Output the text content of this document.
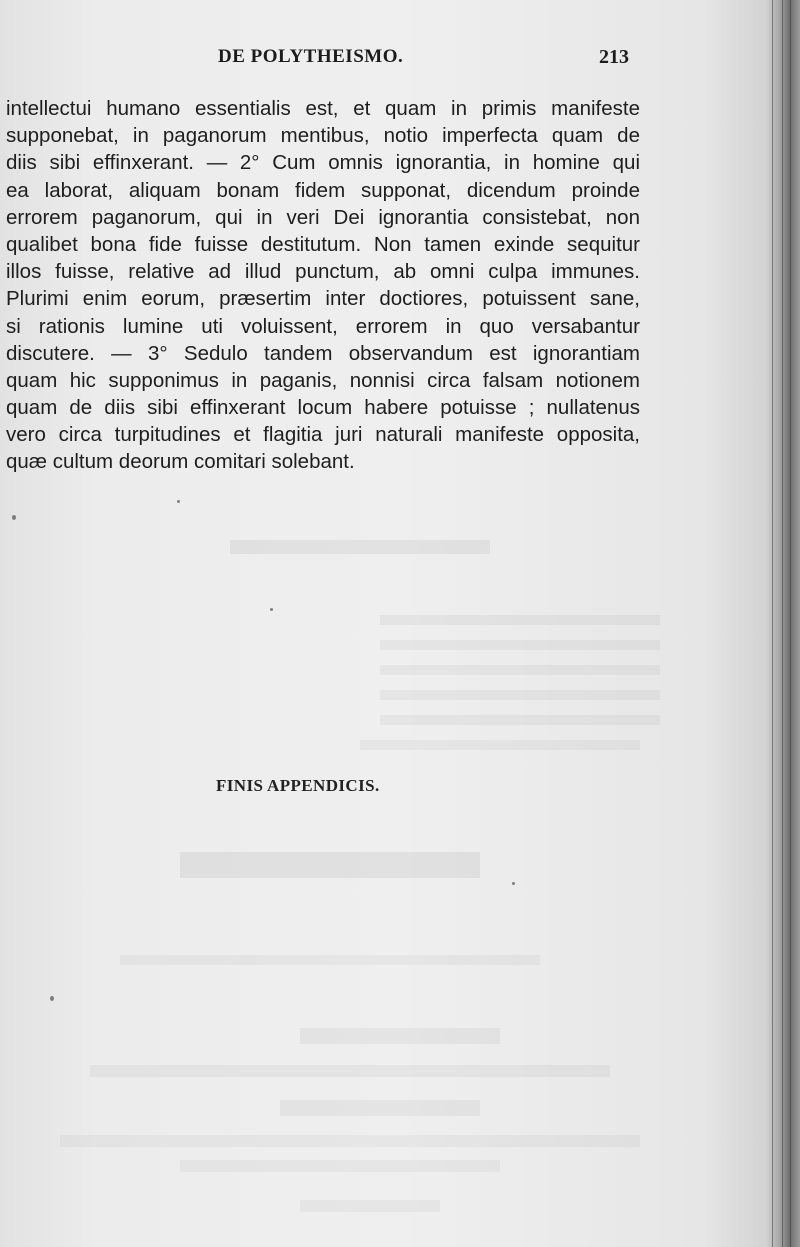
DE POLYTHEISMO.	213
intellectui humano essentialis est, et quam in primis manifeste
supponebat, in paganorum mentibus, notio imperfecta quam de
diis sibi effinxerant. — 2° Cum omnis ignorantia, in homine qui
ea laborat, aliquam bonam fidem supponat, dicendum proinde
errorem paganorum, qui in veri Dei ignorantia consistebat, non
qualibet bona fide fuisse destitutum. Non tamen exinde sequitur
illos fuisse, relative ad illud punctum, ab omni culpa immunes.
Plurimi enim eorum, præsertim inter doctiores, potuissent sane,
si rationis lumine uti voluissent, errorem in quo versabantur
discutere. — 3° Sedulo tandem observandum est ignorantiam
quam hic supponimus in paganis, nonnisi circa falsam notionem
quam de diis sibi effinxerant locum habere potuisse ; nullatenus
vero circa turpitudines et flagitia juri naturali manifeste opposita,
quæ cultum deorum comitari solebant.
FINIS APPENDICIS.
